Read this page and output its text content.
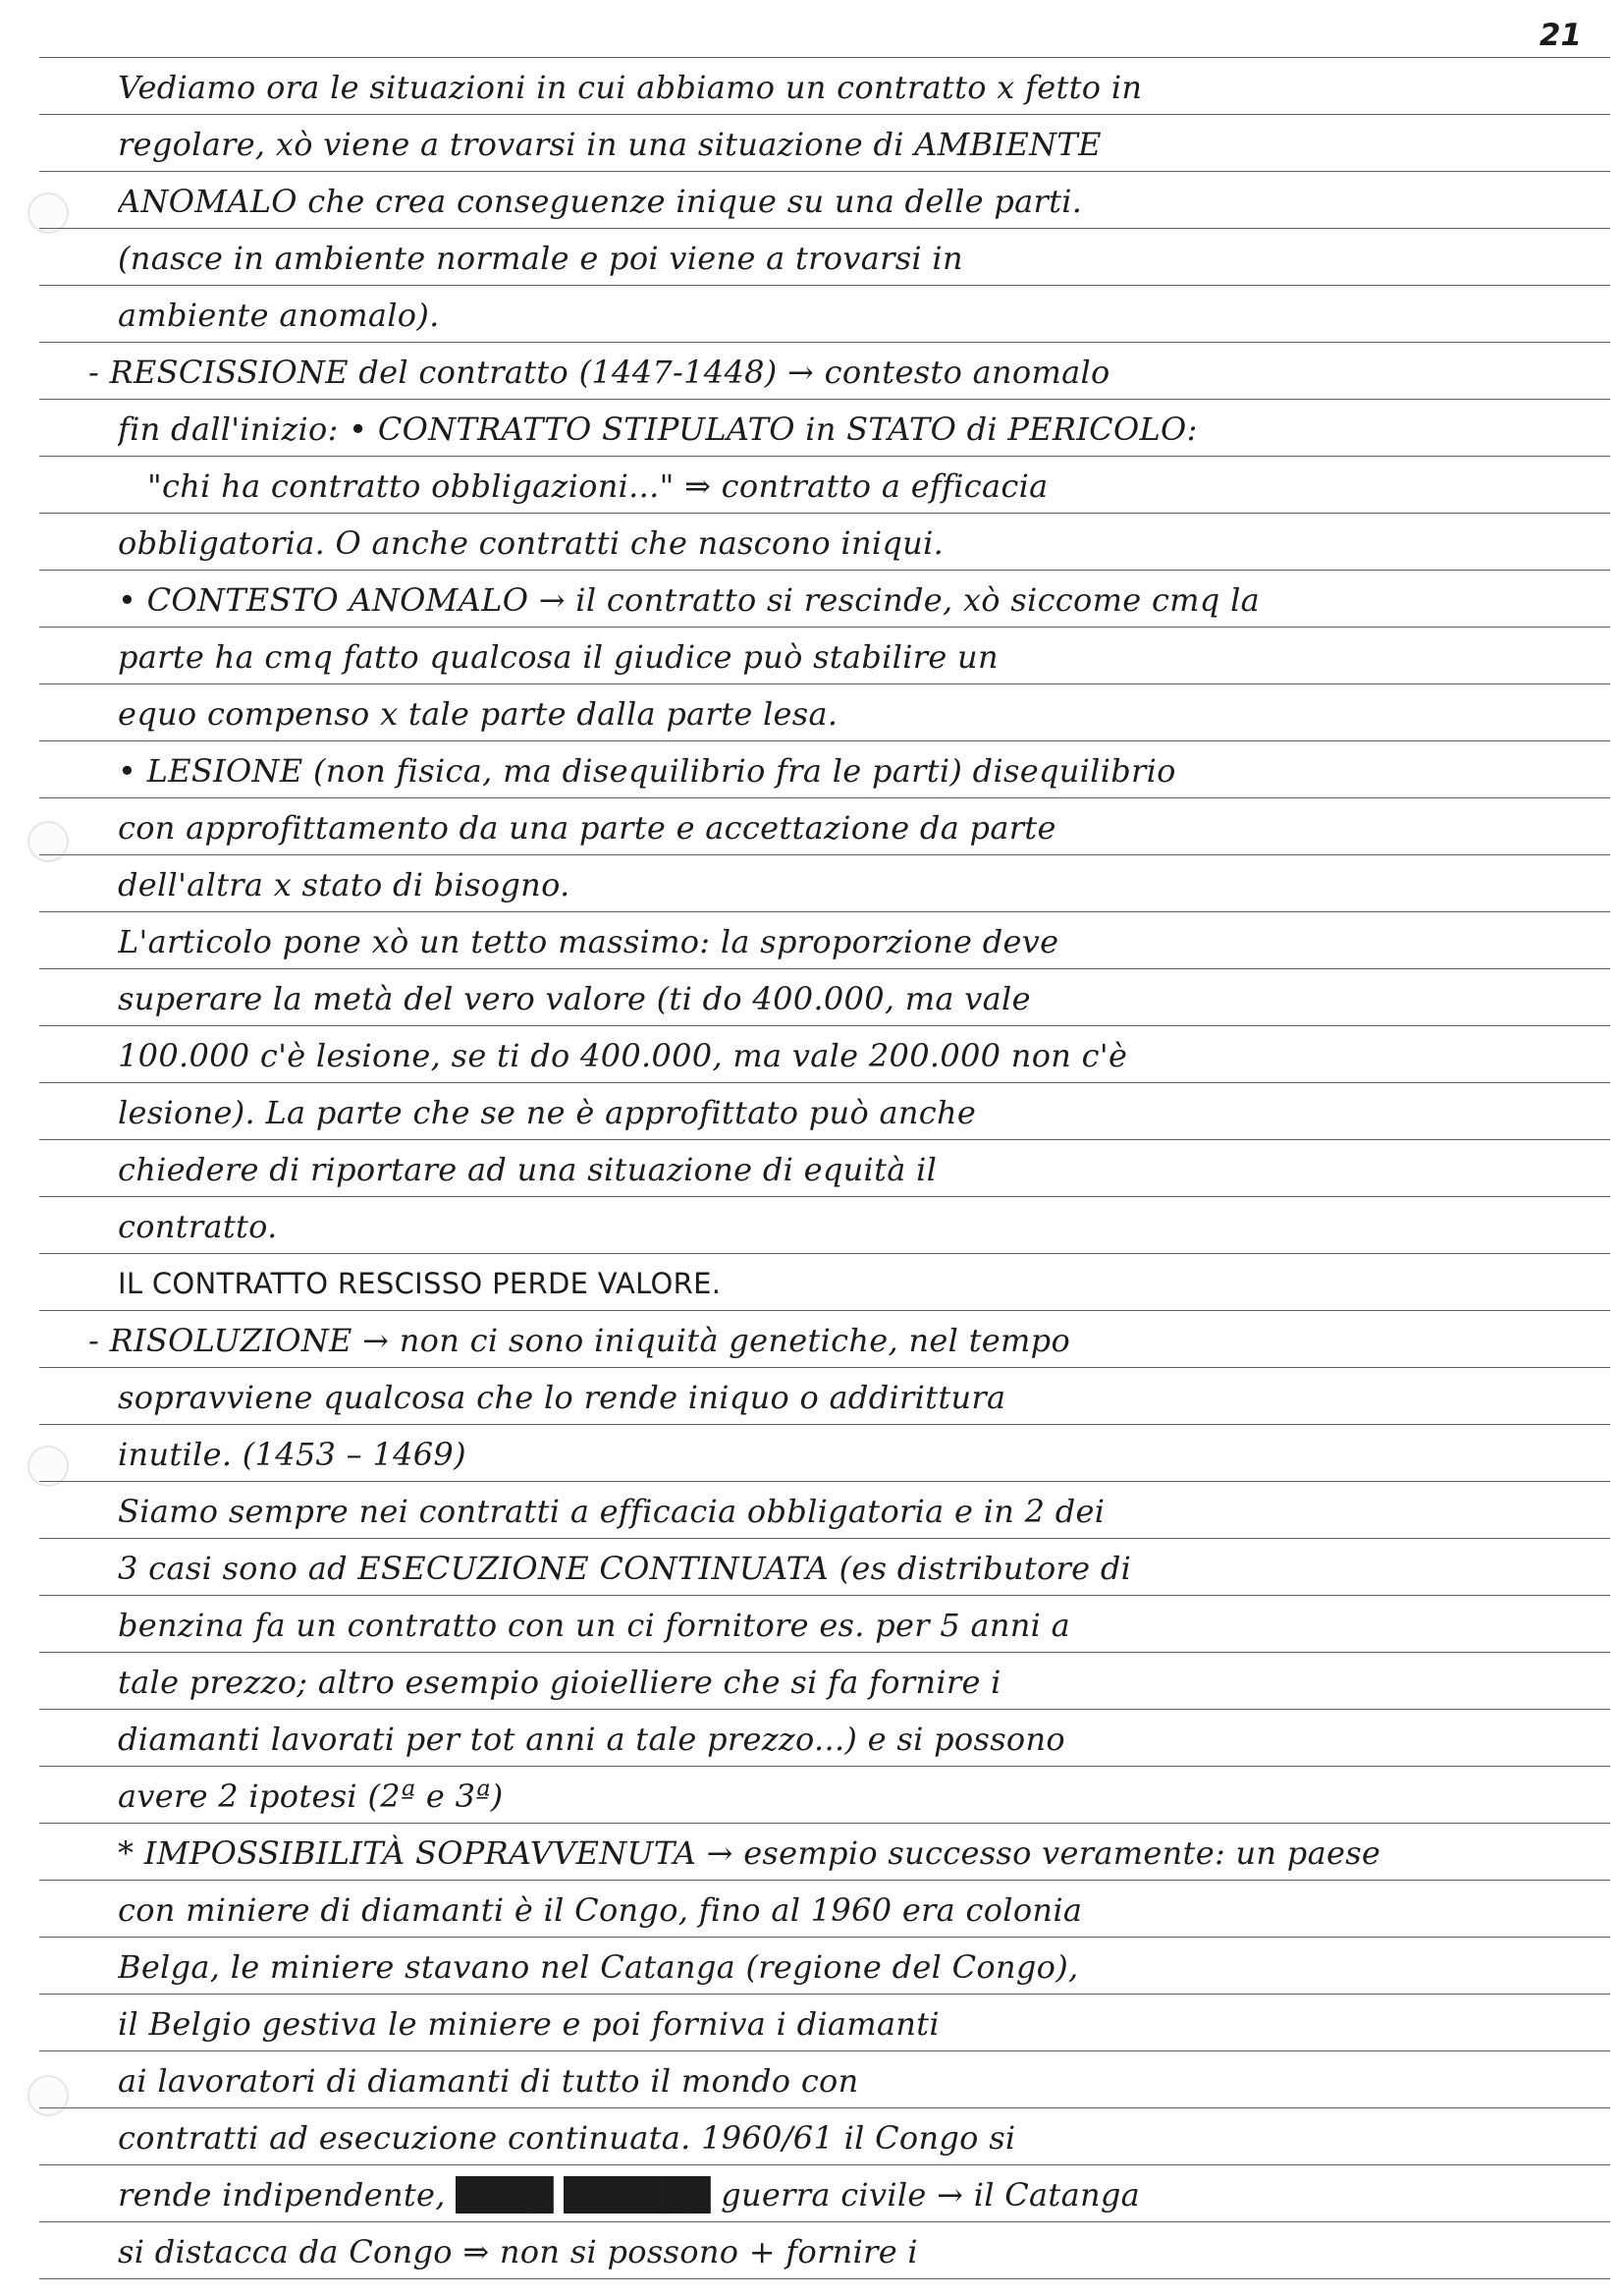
21
Vediamo ora le situazioni in cui abbiamo un contratto x fetto in
regolare, xò viene a trovarsi in una situazione di AMBIENTE
ANOMALO che crea conseguenze inique su una delle parti.
(nasce in ambiente normale e poi viene a trovarsi in
ambiente anomalo).
- RESCISSIONE del contratto (1447-1448) → contesto anomalo
fin dall'inizio: • CONTRATTO STIPULATO in STATO di PERICOLO:
"chi ha contratto obbligazioni..." ⇒ contratto a efficacia
obbligatoria. O anche contratti che nascono iniqui.
• CONTESTO ANOMALO → il contratto si rescinde, xò siccome cmq la
parte ha cmq fatto qualcosa il giudice può stabilire un
equo compenso x tale parte dalla parte lesa.
• LESIONE (non fisica, ma disequilibrio fra le parti) disequilibrio
con approfittamento da una parte e accettazione da parte
dell'altra x stato di bisogno.
L'articolo pone xò un tetto massimo: la sproporzione deve
superare la metà del vero valore (ti do 400.000, ma vale
100.000 c'è lesione, se ti do 400.000, ma vale 200.000 non c'è
lesione). La parte che se ne è approfittato può anche
chiedere di riportare ad una situazione di equità il
contratto.
IL CONTRATTO RESCISSO PERDE VALORE.
- RISOLUZIONE → non ci sono iniquità genetiche, nel tempo
sopravviene qualcosa che lo rende iniquo o addirittura
inutile. (1453 – 1469)
Siamo sempre nei contratti a efficacia obbligatoria e in 2 dei
3 casi sono ad ESECUZIONE CONTINUATA (es distributore di
benzina fa un contratto con un ci fornitore es. per 5 anni a
tale prezzo; altro esempio gioielliere che si fa fornire i
diamanti lavorati per tot anni a tale prezzo...) e si possono
avere 2 ipotesi (2ª e 3ª)
* IMPOSSIBILITÀ SOPRAVVENUTA → esempio successo veramente: un paese
con miniere di diamanti è il Congo, fino al 1960 era colonia
Belga, le miniere stavano nel Catanga (regione del Congo),
il Belgio gestiva le miniere e poi forniva i diamanti
ai lavoratori di diamanti di tutto il mondo con
contratti ad esecuzione continuata. 1960/61 il Congo si
rende indipendente, ████ ██████ guerra civile → il Catanga
si distacca da Congo ⇒ non si possono + fornire i
